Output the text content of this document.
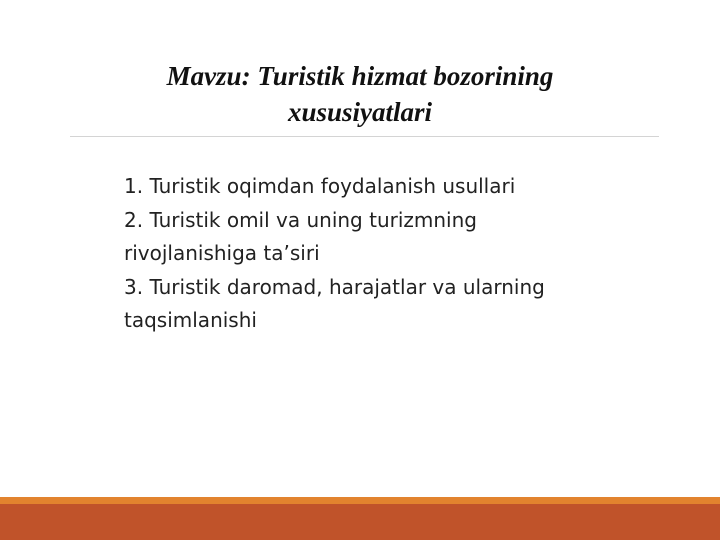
Mavzu: Turistik hizmat bozorining
xususiyatlari
1. Turistik oqimdan foydalanish usullari
2. Turistik omil va uning turizmning rivojlanishiga ta’siri
3. Turistik daromad, harajatlar va ularning taqsimlanishi
